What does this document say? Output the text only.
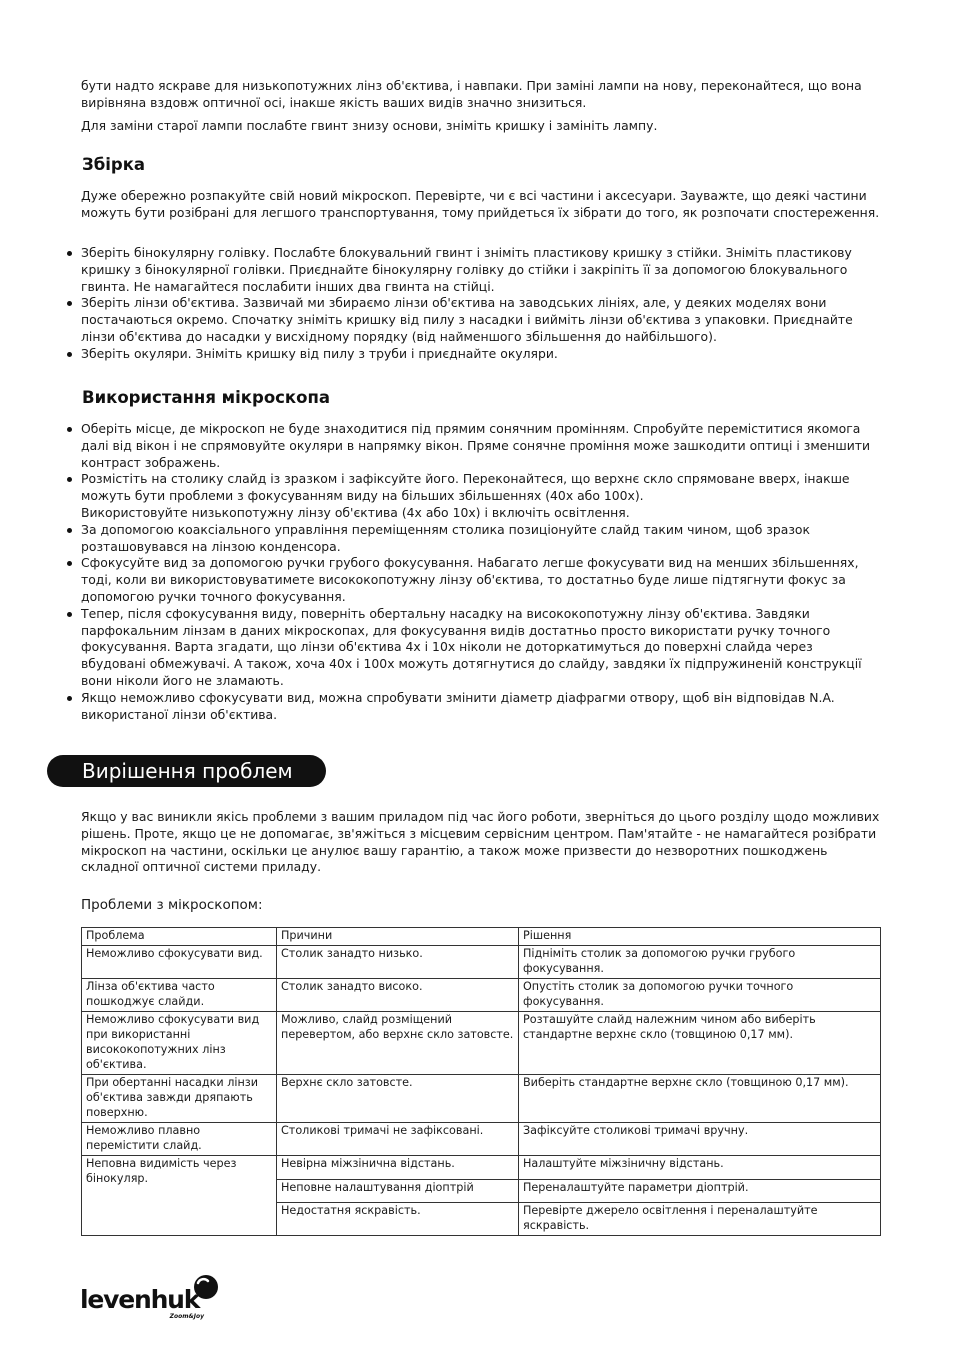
бути надто яскраве для низькопотужних лінз об'єктива, і навпаки. При заміні лампи на нову, переконайтеся, що вона вирівняна вздовж оптичної осі, інакше якість ваших видів значно знизиться.

Для заміни старої лампи послабте гвинт знизу основи, зніміть кришку і замініть лампу.

Збірка

Дуже обережно розпакуйте свій новий мікроскоп. Перевірте, чи є всі частини і аксесуари. Зауважте, що деякі частини можуть бути розібрані для легшого транспортування, тому прийдеться їх зібрати до того, як розпочати спостереження.

Зберіть бінокулярну голівку. Послабте блокувальний гвинт і зніміть пластикову кришку з стійки. Зніміть пластикову кришку з бінокулярної голівки. Приєднайте бінокулярну голівку до стійки і закріпіть її за допомогою блокувального гвинта. Не намагайтеся послабити інших два гвинта на стійці.
Зберіть лінзи об'єктива. Зазвичай ми збираємо лінзи об'єктива на заводських лініях, але, у деяких моделях вони постачаються окремо. Спочатку зніміть кришку від пилу з насадки і вийміть лінзи об'єктива з упаковки. Приєднайте лінзи об'єктива до насадки у висхідному порядку (від найменшого збільшення до найбільшого).
Зберіть окуляри. Зніміть кришку від пилу з труби і приєднайте окуляри.
Використання мікроскопа
Оберіть місце, де мікроскоп не буде знаходитися під прямим сонячним промінням. Спробуйте переміститися якомога далі від вікон і не спрямовуйте окуляри в напрямку вікон. Пряме сонячне проміння може зашкодити оптиці і зменшити контраст зображень.
Розмістіть на столику слайд із зразком і зафіксуйте його. Переконайтеся, що верхнє скло спрямоване вверх, інакше можуть бути проблеми з фокусуванням виду на більших збільшеннях (40x або 100x).
Використовуйте низькопотужну лінзу об'єктива (4x або 10x) і включіть освітлення.
За допомогою коаксіального управління переміщенням столика позиціонуйте слайд таким чином, щоб зразок розташовувався на лінзою конденсора.
Сфокусуйте вид за допомогою ручки грубого фокусування. Набагато легше фокусувати вид на менших збільшеннях, тоді, коли ви використовуватимете висококопотужну лінзу об'єктива, то достатньо буде лише підтягнути фокус за допомогою ручки точного фокусування.
Тепер, після сфокусування виду, поверніть обертальну насадку на висококопотужну лінзу об'єктива. Завдяки парфокальним лінзам в даних мікроскопах, для фокусування видів достатньо просто використати ручку точного фокусування. Варта згадати, що лінзи об'єктива 4x і 10x ніколи не доторкатимуться до поверхні слайда через вбудовані обмежувачі. А також, хоча 40x і 100x можуть дотягнутися до слайду, завдяки їх підпружиненій конструкції вони ніколи його не зламають.
Якщо неможливо сфокусувати вид, можна спробувати змінити діаметр діафрагми отвору, щоб він відповідав N.A. використаної лінзи об'єктива.
Вирішення проблем

Якщо у вас виникли якісь проблеми з вашим приладом під час його роботи, зверніться до цього розділу щодо можливих рішень. Проте, якщо це не допомагає, зв'яжіться з місцевим сервісним центром. Пам'ятайте - не намагайтеся розібрати мікроскоп на частини, оскільки це анулює вашу гарантію, а також може призвести до незворотних пошкоджень складної оптичної системи приладу.

Проблеми з мікроскопом:

Проблема	Причини	Рішення
Неможливо сфокусувати вид.	Столик занадто низько.	Підніміть столик за допомогою ручки грубого фокусування.
Лінза об'єктива часто пошкоджує слайди.	Столик занадто високо.	Опустіть столик за допомогою ручки точного фокусування.
Неможливо сфокусувати вид при використанні висококопотужних лінз об'єктива.	Можливо, слайд розміщений перевертом, або верхнє скло затовсте.	Розташуйте слайд належним чином або виберіть стандартне верхнє скло (товщиною 0,17 мм).
При обертанні насадки лінзи об'єктива завжди дряпають поверхню.	Верхнє скло затовсте.	Виберіть стандартне верхнє скло (товщиною 0,17 мм).
Неможливо плавно перемістити слайд.	Столикові тримачі не зафіксовані.	Зафіксуйте столикові тримачі вручну.
Неповна видимість через бінокуляр.	Невірна міжзінична відстань.	Налаштуйте міжзіничну відстань.
	Неповне налаштування діоптрій	Переналаштуйте параметри діоптрій.
	Недостатня яскравість.	Перевірте джерело освітлення і переналаштуйте яскравість.
levenhuk
Zoom&Joy
